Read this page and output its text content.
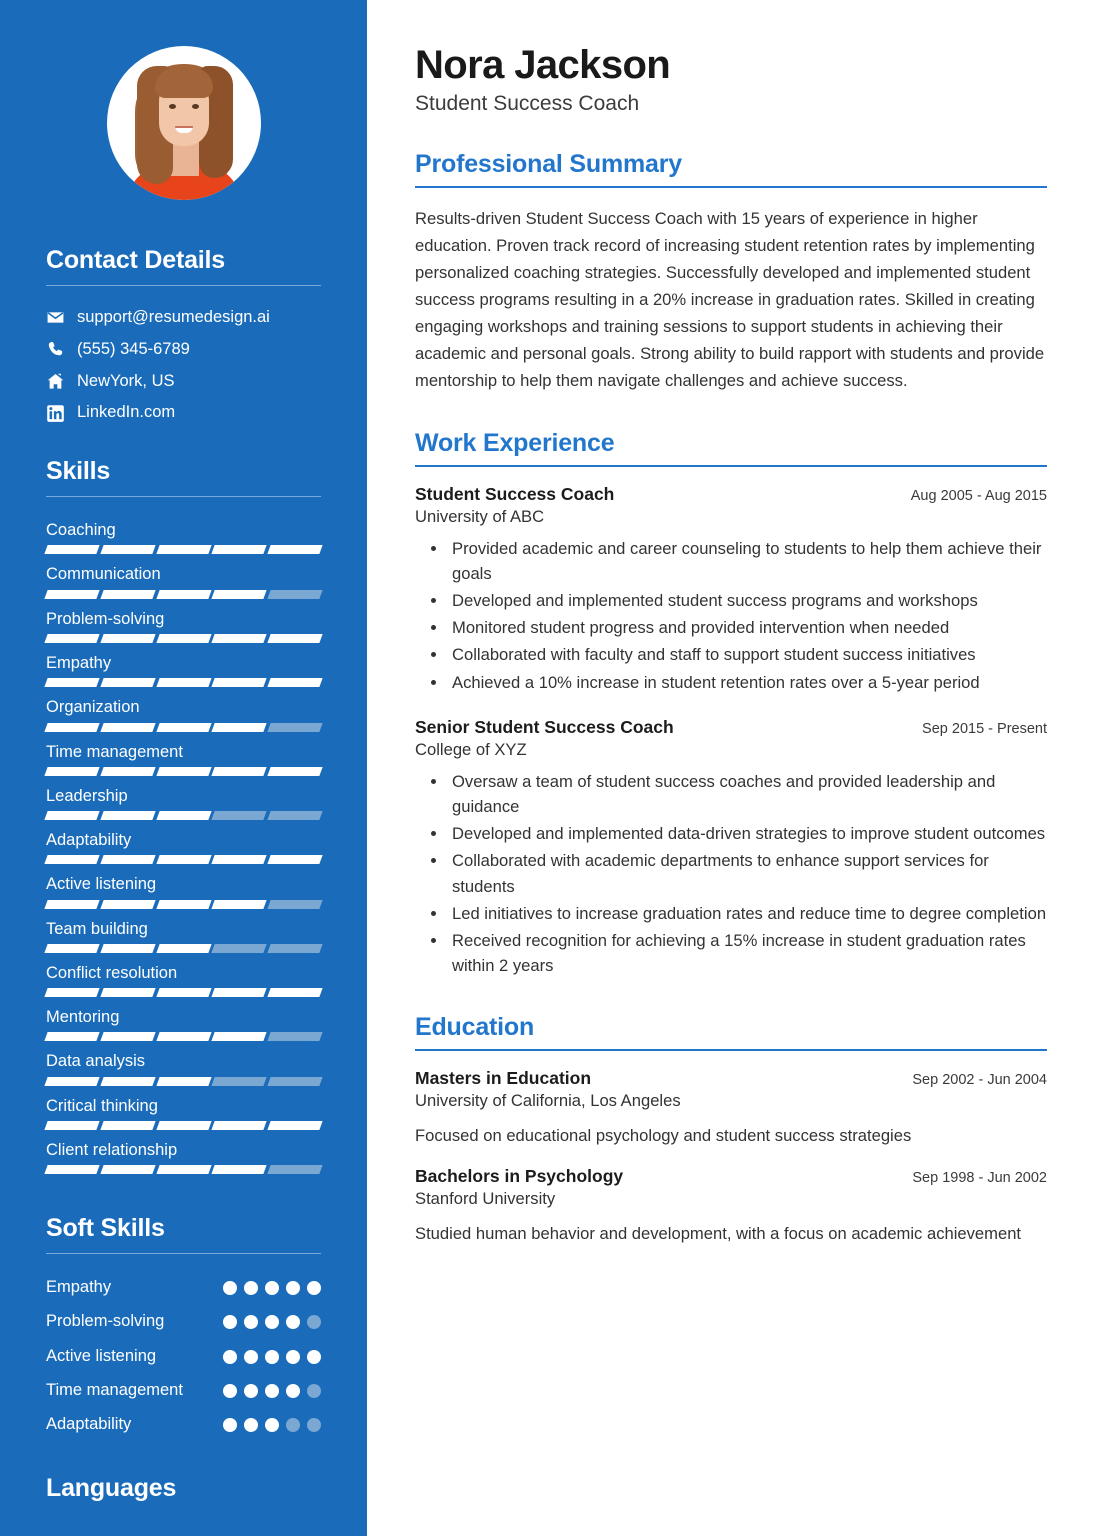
Contact Details
support@resumedesign.ai
(555) 345-6789
NewYork, US
LinkedIn.com
Skills
Coaching
Communication
Problem-solving
Empathy
Organization
Time management
Leadership
Adaptability
Active listening
Team building
Conflict resolution
Mentoring
Data analysis
Critical thinking
Client relationship
Soft Skills
Empathy
Problem-solving
Active listening
Time management
Adaptability
Languages
Nora Jackson
Student Success Coach
Professional Summary

Results-driven Student Success Coach with 15 years of experience in higher education. Proven track record of increasing student retention rates by implementing personalized coaching strategies. Successfully developed and implemented student success programs resulting in a 20% increase in graduation rates. Skilled in creating engaging workshops and training sessions to support students in achieving their academic and personal goals. Strong ability to build rapport with students and provide mentorship to help them navigate challenges and achieve success.

Work Experience
Student Success Coach	Aug 2005 - Aug 2015
University of ABC
• Provided academic and career counseling to students to help them achieve their goals
• Developed and implemented student success programs and workshops
• Monitored student progress and provided intervention when needed
• Collaborated with faculty and staff to support student success initiatives
• Achieved a 10% increase in student retention rates over a 5-year period
Senior Student Success Coach	Sep 2015 - Present
College of XYZ
• Oversaw a team of student success coaches and provided leadership and guidance
• Developed and implemented data-driven strategies to improve student outcomes
• Collaborated with academic departments to enhance support services for students
• Led initiatives to increase graduation rates and reduce time to degree completion
• Received recognition for achieving a 15% increase in student graduation rates within 2 years
Education
Masters in Education	Sep 2002 - Jun 2004
University of California, Los Angeles
Focused on educational psychology and student success strategies
Bachelors in Psychology	Sep 1998 - Jun 2002
Stanford University
Studied human behavior and development, with a focus on academic achievement
